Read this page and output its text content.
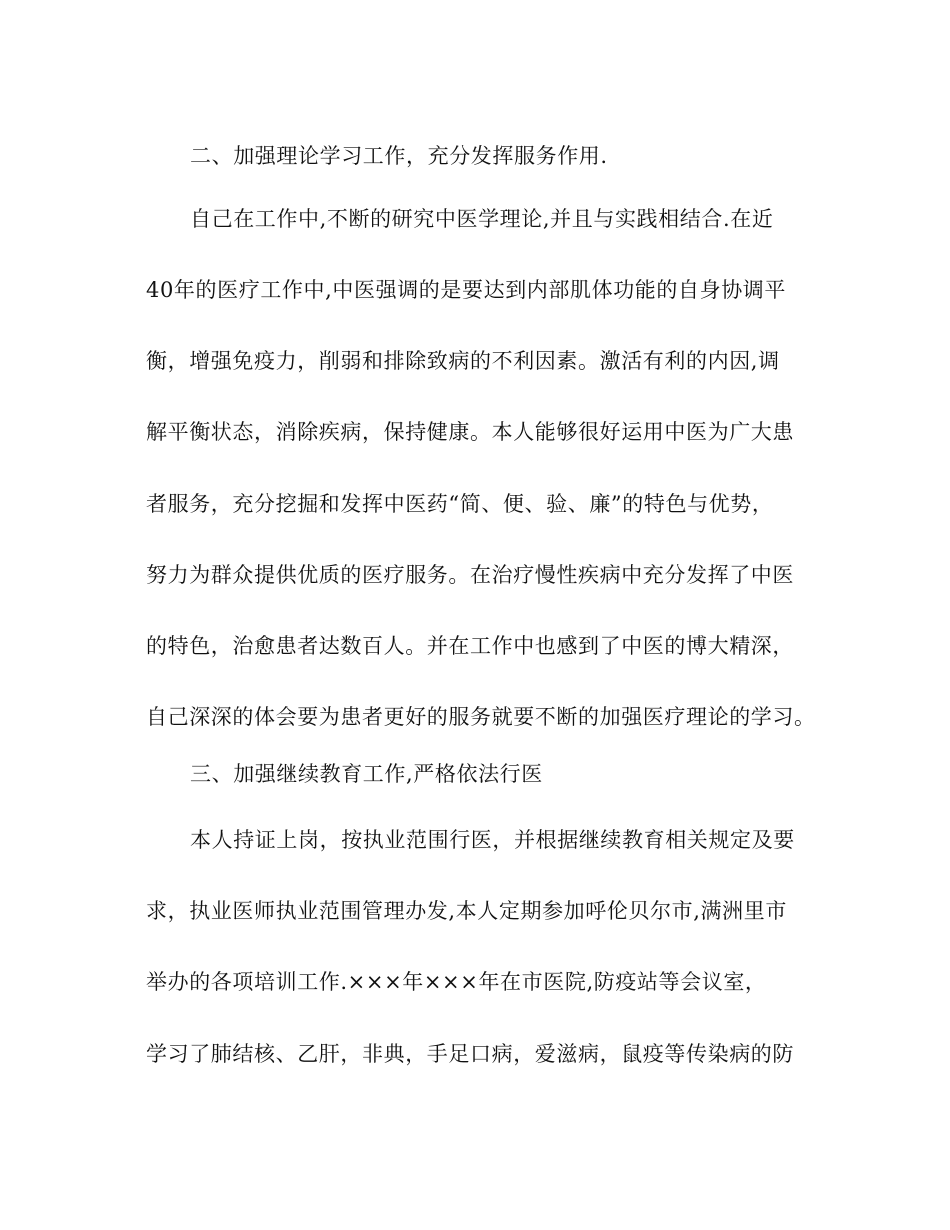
二、加强理论学习工作，充分发挥服务作用.

自己在工作中,不断的研究中医学理论,并且与实践相结合.在近

40年的医疗工作中,中医强调的是要达到内部肌体功能的自身协调平

衡，增强免疫力，削弱和排除致病的不利因素。激活有利的内因,调

解平衡状态，消除疾病，保持健康。本人能够很好运用中医为广大患

者服务，充分挖掘和发挥中医药“简、便、验、廉”的特色与优势，

努力为群众提供优质的医疗服务。在治疗慢性疾病中充分发挥了中医

的特色，治愈患者达数百人。并在工作中也感到了中医的博大精深，

自己深深的体会要为患者更好的服务就要不断的加强医疗理论的学习。

三、加强继续教育工作,严格依法行医

本人持证上岗，按执业范围行医，并根据继续教育相关规定及要

求，执业医师执业范围管理办发,本人定期参加呼伦贝尔市,满洲里市

举办的各项培训工作.×××年×××年在市医院,防疫站等会议室，

学习了肺结核、乙肝，非典，手足口病，爱滋病，鼠疫等传染病的防
